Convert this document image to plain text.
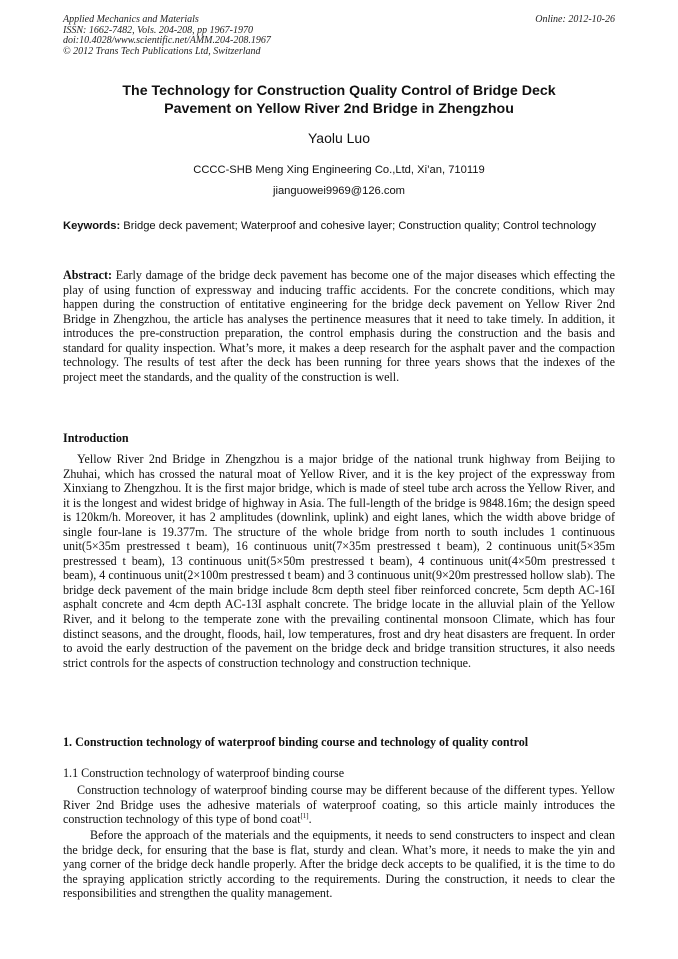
Applied Mechanics and Materials
ISSN: 1662-7482, Vols. 204-208, pp 1967-1970
doi:10.4028/www.scientific.net/AMM.204-208.1967
© 2012 Trans Tech Publications Ltd, Switzerland
Online: 2012-10-26
The Technology for Construction Quality Control of Bridge Deck
Pavement on Yellow River 2nd Bridge in Zhengzhou
Yaolu Luo
CCCC-SHB Meng Xing Engineering Co.,Ltd, Xi’an, 710119
jianguowei9969@126.com
Keywords: Bridge deck pavement; Waterproof and cohesive layer; Construction quality; Control technology
Abstract: Early damage of the bridge deck pavement has become one of the major diseases which effecting the play of using function of expressway and inducing traffic accidents. For the concrete conditions, which may happen during the construction of entitative engineering for the bridge deck pavement on Yellow River 2nd Bridge in Zhengzhou, the article has analyses the pertinence measures that it need to take timely. In addition, it introduces the pre-construction preparation, the control emphasis during the construction and the basis and standard for quality inspection. What’s more, it makes a deep research for the asphalt paver and the compaction technology. The results of test after the deck has been running for three years shows that the indexes of the project meet the standards, and the quality of the construction is well.
Introduction
Yellow River 2nd Bridge in Zhengzhou is a major bridge of the national trunk highway from Beijing to Zhuhai, which has crossed the natural moat of Yellow River, and it is the key project of the expressway from Xinxiang to Zhengzhou. It is the first major bridge, which is made of steel tube arch across the Yellow River, and it is the longest and widest bridge of highway in Asia. The full-length of the bridge is 9848.16m; the design speed is 120km/h. Moreover, it has 2 amplitudes (downlink, uplink) and eight lanes, which the width above bridge of single four-lane is 19.377m. The structure of the whole bridge from north to south includes 1 continuous unit(5×35m prestressed t beam), 16 continuous unit(7×35m prestressed t beam), 2 continuous unit(5×35m prestressed t beam), 13 continuous unit(5×50m prestressed t beam), 4 continuous unit(4×50m prestressed t beam), 4 continuous unit(2×100m prestressed t beam) and 3 continuous unit(9×20m prestressed hollow slab). The bridge deck pavement of the main bridge include 8cm depth steel fiber reinforced concrete, 5cm depth AC-16I asphalt concrete and 4cm depth AC-13I asphalt concrete. The bridge locate in the alluvial plain of the Yellow River, and it belong to the temperate zone with the prevailing continental monsoon Climate, which has four distinct seasons, and the drought, floods, hail, low temperatures, frost and dry heat disasters are frequent. In order to avoid the early destruction of the pavement on the bridge deck and bridge transition structures, it also needs strict controls for the aspects of construction technology and construction technique.
1. Construction technology of waterproof binding course and technology of quality control
1.1 Construction technology of waterproof binding course
Construction technology of waterproof binding course may be different because of the different types. Yellow River 2nd Bridge uses the adhesive materials of waterproof coating, so this article mainly introduces the construction technology of this type of bond coat[1].
Before the approach of the materials and the equipments, it needs to send constructers to inspect and clean the bridge deck, for ensuring that the base is flat, sturdy and clean. What’s more, it needs to make the yin and yang corner of the bridge deck handle properly. After the bridge deck accepts to be qualified, it is the time to do the spraying application strictly according to the requirements. During the construction, it needs to clear the responsibilities and strengthen the quality management.
